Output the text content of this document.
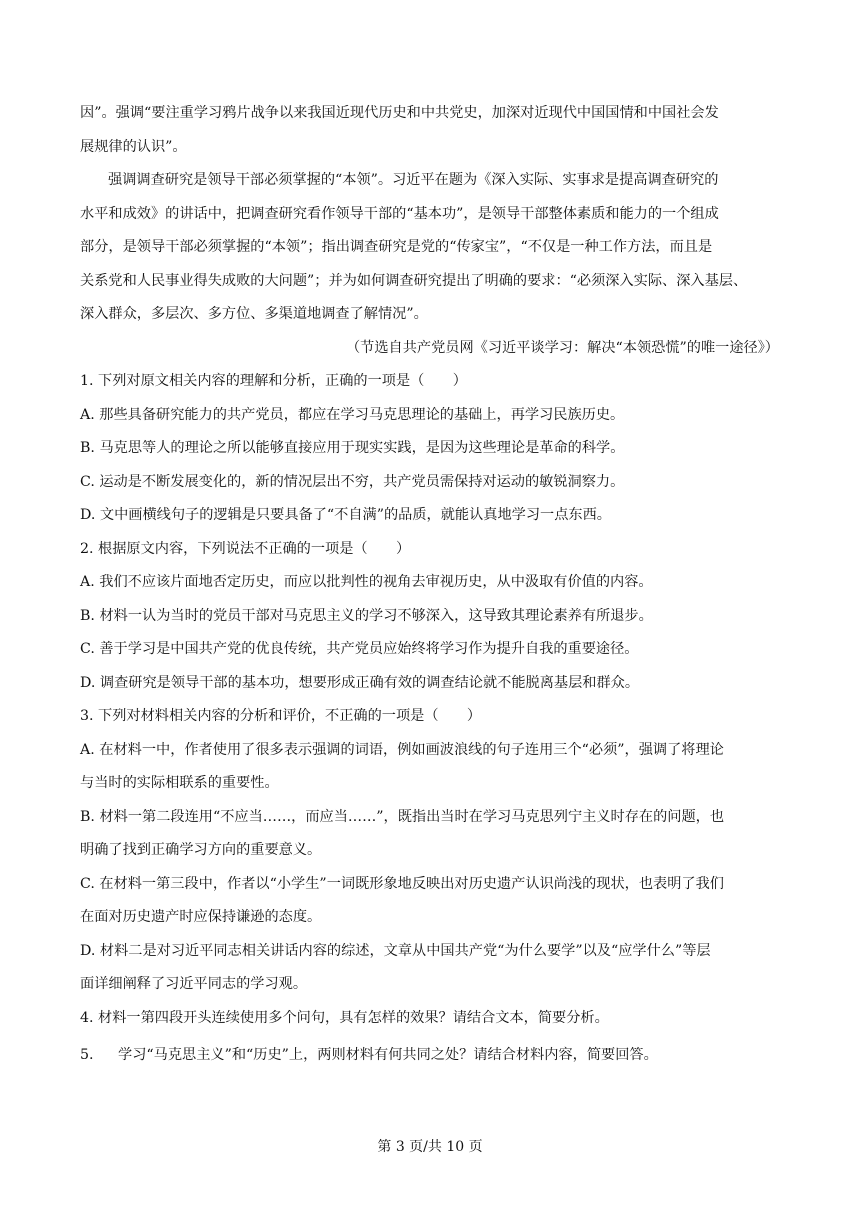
因”。强调“要注重学习鸦片战争以来我国近现代历史和中共党史，加深对近现代中国国情和中国社会发
展规律的认识”。
强调调查研究是领导干部必须掌握的“本领”。习近平在题为《深入实际、实事求是提高调查研究的
水平和成效》的讲话中，把调查研究看作领导干部的“基本功”，是领导干部整体素质和能力的一个组成
部分，是领导干部必须掌握的“本领”；指出调查研究是党的“传家宝”，“不仅是一种工作方法，而且是
关系党和人民事业得失成败的大问题”；并为如何调查研究提出了明确的要求：“必须深入实际、深入基层、
深入群众，多层次、多方位、多渠道地调查了解情况”。
（节选自共产党员网《习近平谈学习：解决“本领恐慌”的唯一途径》）
1. 下列对原文相关内容的理解和分析，正确的一项是（　　）
A. 那些具备研究能力的共产党员，都应在学习马克思理论的基础上，再学习民族历史。
B. 马克思等人的理论之所以能够直接应用于现实实践，是因为这些理论是革命的科学。
C. 运动是不断发展变化的，新的情况层出不穷，共产党员需保持对运动的敏锐洞察力。
D. 文中画横线句子的逻辑是只要具备了“不自满”的品质，就能认真地学习一点东西。
2. 根据原文内容，下列说法不正确的一项是（　　）
A. 我们不应该片面地否定历史，而应以批判性的视角去审视历史，从中汲取有价值的内容。
B. 材料一认为当时的党员干部对马克思主义的学习不够深入，这导致其理论素养有所退步。
C. 善于学习是中国共产党的优良传统，共产党员应始终将学习作为提升自我的重要途径。
D. 调查研究是领导干部的基本功，想要形成正确有效的调查结论就不能脱离基层和群众。
3. 下列对材料相关内容的分析和评价，不正确的一项是（　　）
A. 在材料一中，作者使用了很多表示强调的词语，例如画波浪线的句子连用三个“必须”，强调了将理论
与当时的实际相联系的重要性。
B. 材料一第二段连用“不应当……，而应当……”，既指出当时在学习马克思列宁主义时存在的问题，也
明确了找到正确学习方向的重要意义。
C. 在材料一第三段中，作者以“小学生”一词既形象地反映出对历史遗产认识尚浅的现状，也表明了我们
在面对历史遗产时应保持谦逊的态度。
D. 材料二是对习近平同志相关讲话内容的综述，文章从中国共产党“为什么要学”以及“应学什么”等层
面详细阐释了习近平同志的学习观。
4. 材料一第四段开头连续使用多个问句，具有怎样的效果？请结合文本，简要分析。
5. 学习“马克思主义”和“历史”上，两则材料有何共同之处？请结合材料内容，简要回答。
第 3 页/共 10 页
